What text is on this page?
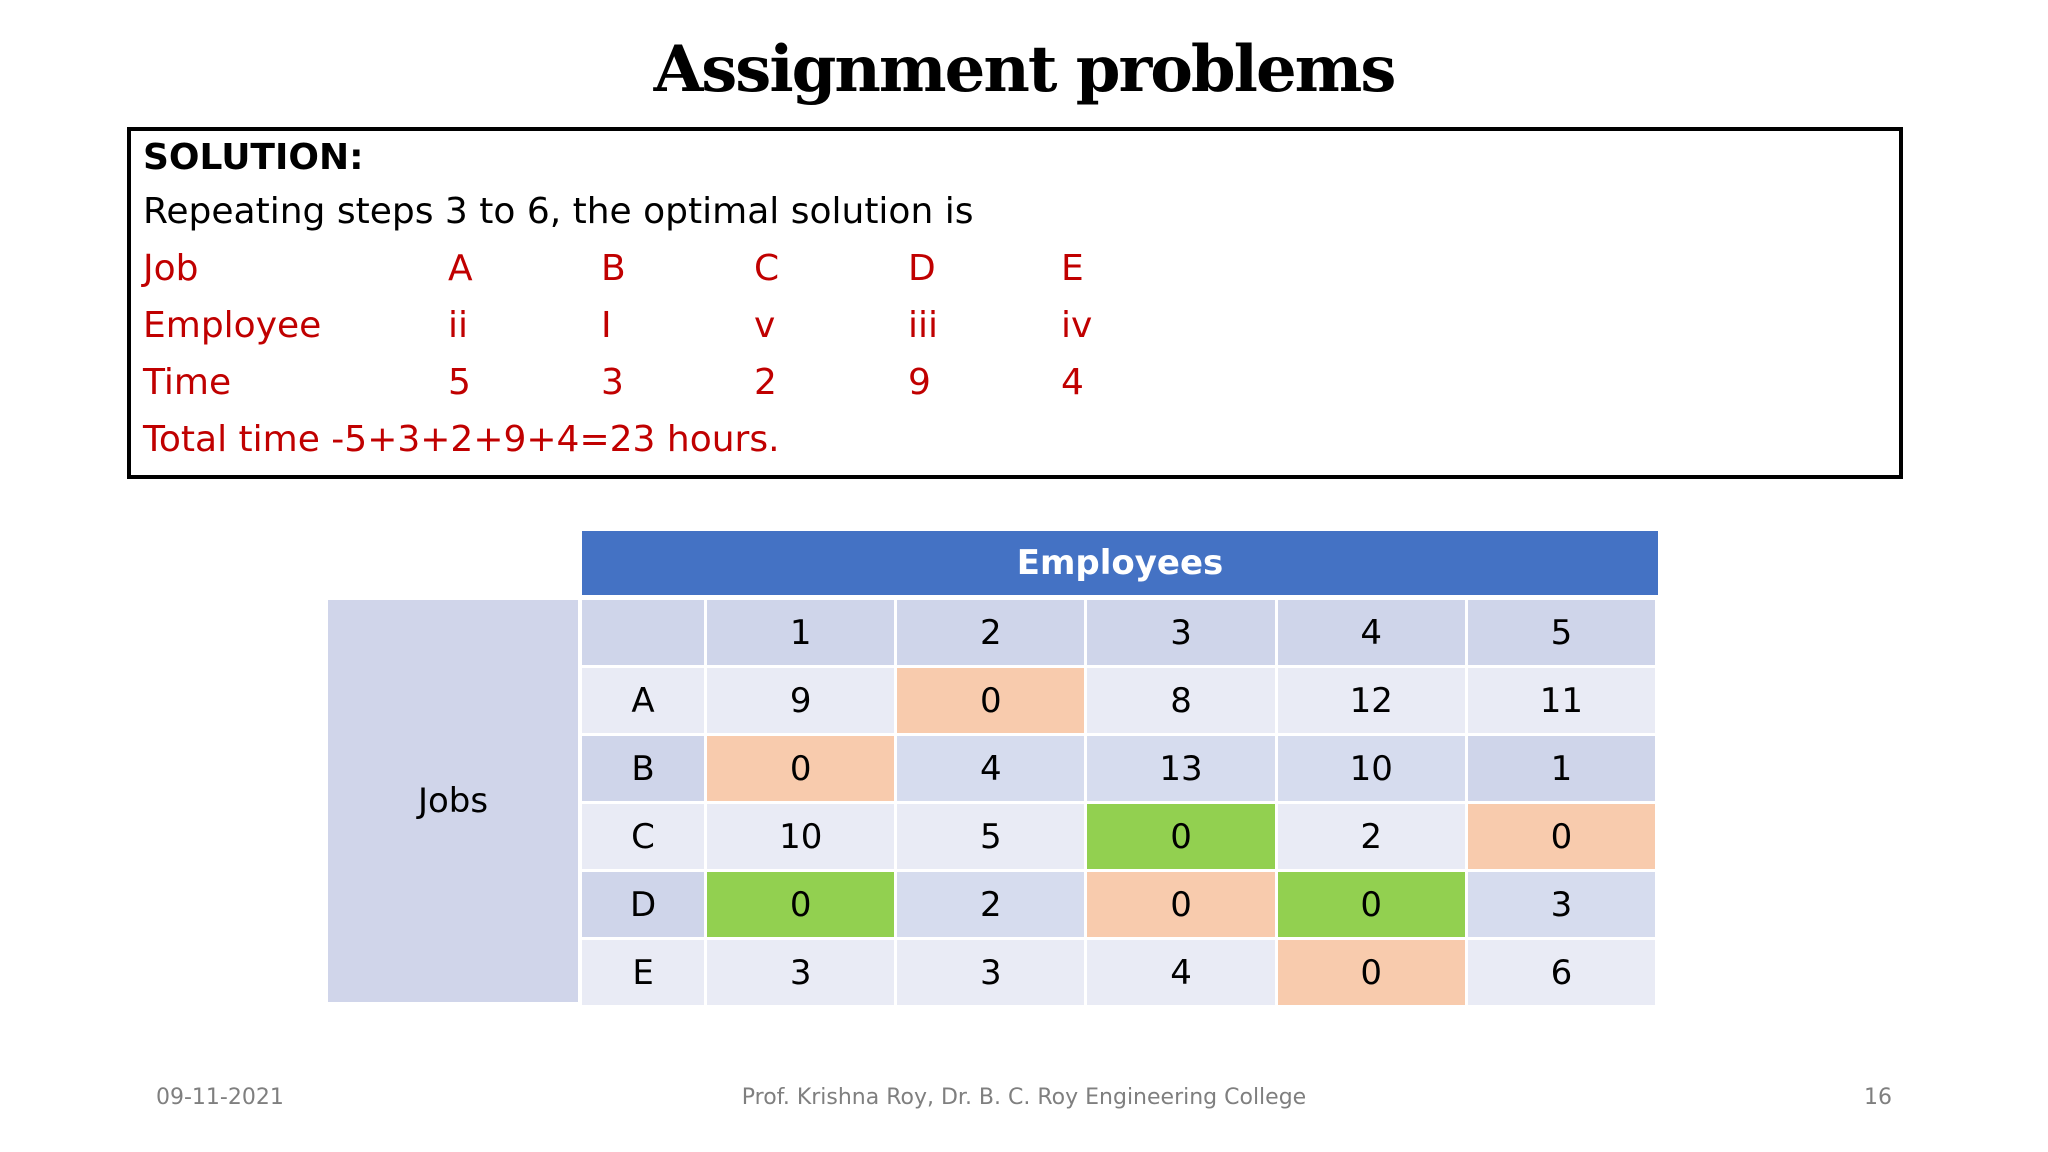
Assignment problems
SOLUTION:
Repeating steps 3 to 6, the optimal solution is
Job	A	B	C	D	E
Employee	ii	I	v	iii	iv
Time	5	3	2	9	4
Total time -5+3+2+9+4=23 hours.
Employees
Jobs
	1	2	3	4	5
A	9	0	8	12	11
B	0	4	13	10	1
C	10	5	0	2	0
D	0	2	0	0	3
E	3	3	4	0	6
09-11-2021	Prof. Krishna Roy, Dr. B. C. Roy Engineering College	16
